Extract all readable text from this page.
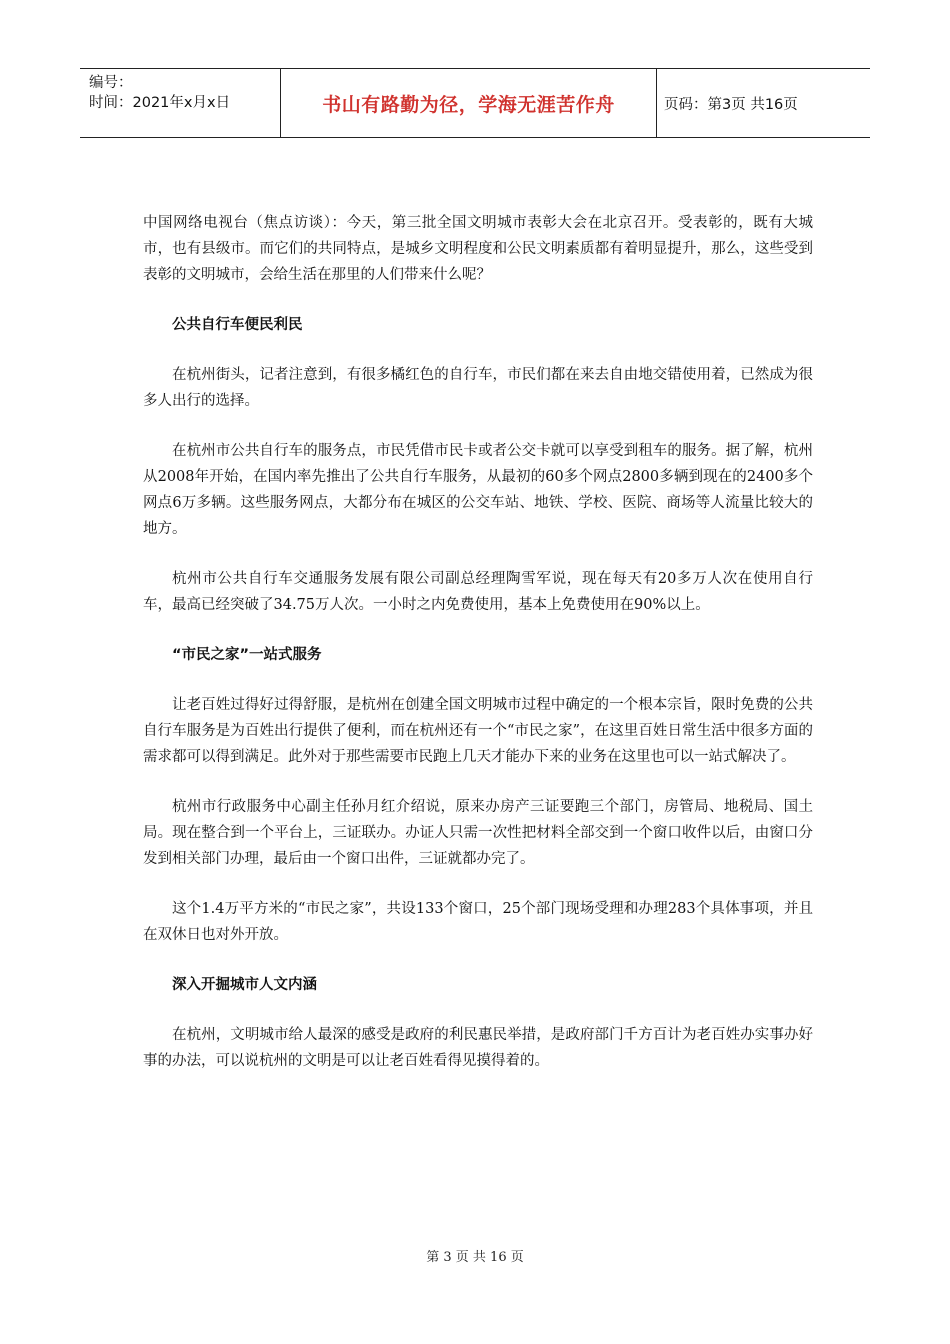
编号：
时间：2021年x月x日	书山有路勤为径，学海无涯苦作舟	页码：第3页 共16页

中国网络电视台（焦点访谈）：今天，第三批全国文明城市表彰大会在北京召开。受表彰的，既有大城市，也有县级市。而它们的共同特点，是城乡文明程度和公民文明素质都有着明显提升，那么，这些受到表彰的文明城市，会给生活在那里的人们带来什么呢？

公共自行车便民利民

在杭州街头，记者注意到，有很多橘红色的自行车，市民们都在来去自由地交错使用着，已然成为很多人出行的选择。

在杭州市公共自行车的服务点，市民凭借市民卡或者公交卡就可以享受到租车的服务。据了解，杭州从2008年开始，在国内率先推出了公共自行车服务，从最初的60多个网点2800多辆到现在的2400多个网点6万多辆。这些服务网点，大都分布在城区的公交车站、地铁、学校、医院、商场等人流量比较大的地方。

杭州市公共自行车交通服务发展有限公司副总经理陶雪军说，现在每天有20多万人次在使用自行车，最高已经突破了34.75万人次。一小时之内免费使用，基本上免费使用在90%以上。

“市民之家”一站式服务

让老百姓过得好过得舒服，是杭州在创建全国文明城市过程中确定的一个根本宗旨，限时免费的公共自行车服务是为百姓出行提供了便利，而在杭州还有一个“市民之家”，在这里百姓日常生活中很多方面的需求都可以得到满足。此外对于那些需要市民跑上几天才能办下来的业务在这里也可以一站式解决了。

杭州市行政服务中心副主任孙月红介绍说，原来办房产三证要跑三个部门，房管局、地税局、国土局。现在整合到一个平台上，三证联办。办证人只需一次性把材料全部交到一个窗口收件以后，由窗口分发到相关部门办理，最后由一个窗口出件，三证就都办完了。

这个1.4万平方米的“市民之家”，共设133个窗口，25个部门现场受理和办理283个具体事项，并且在双休日也对外开放。

深入开掘城市人文内涵

在杭州，文明城市给人最深的感受是政府的利民惠民举措，是政府部门千方百计为老百姓办实事办好事的办法，可以说杭州的文明是可以让老百姓看得见摸得着的。

第 3 页 共 16 页
